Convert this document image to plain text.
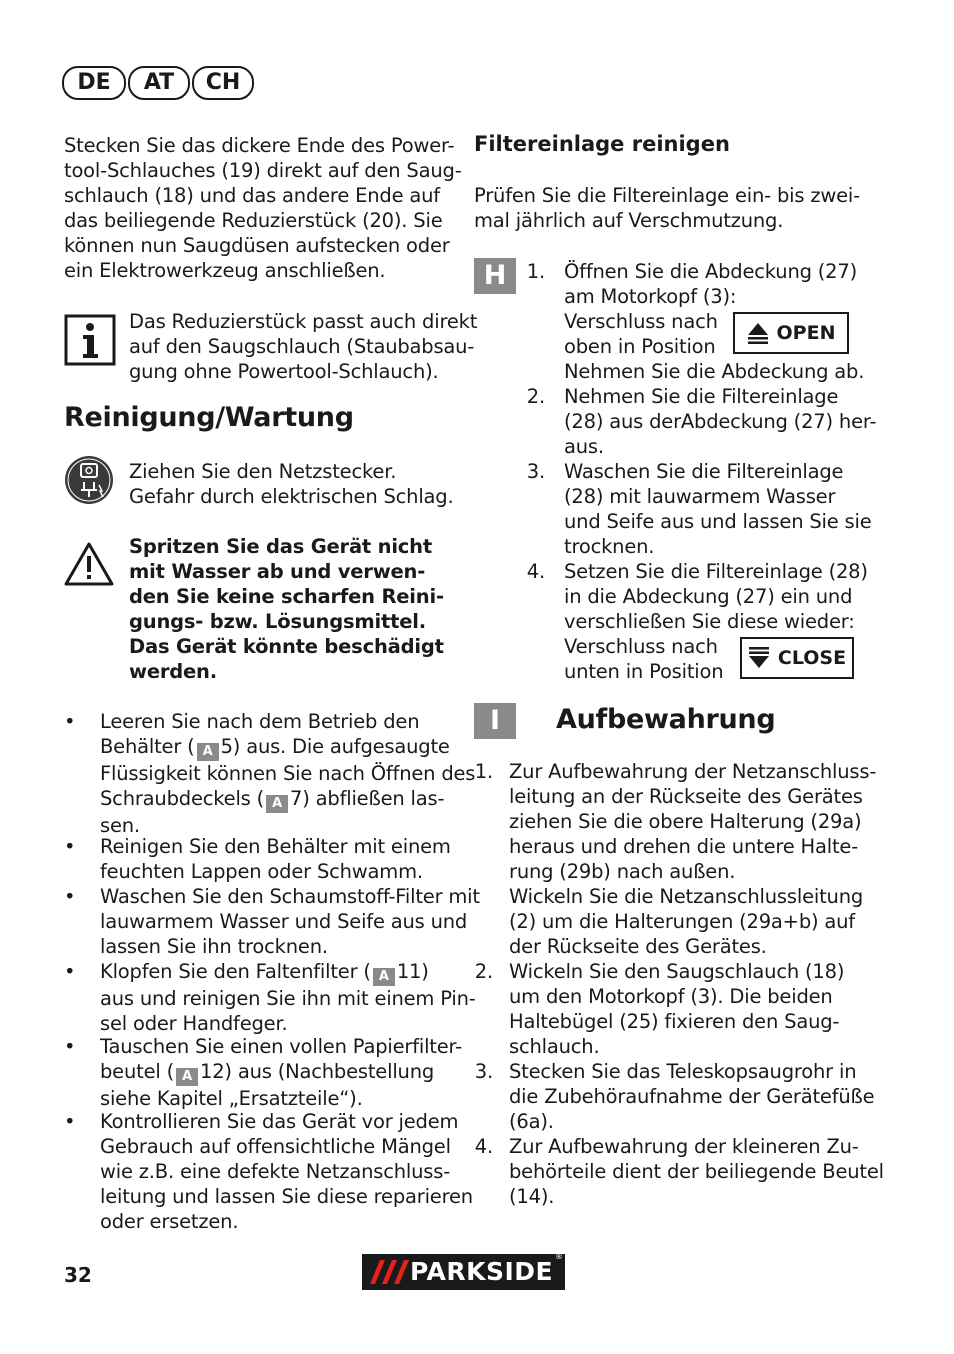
DE	AT	CH
Stecken Sie das dickere Ende des Power-
tool-Schlauches (19) direkt auf den Saug-
schlauch (18) und das andere Ende auf
das beiliegende Reduzierstück (20). Sie
können nun Saugdüsen aufstecken oder
ein Elektrowerkzeug anschließen.
Das Reduzierstück passt auch direkt
auf den Saugschlauch (Staubabsau-
gung ohne Powertool-Schlauch).
Reinigung/Wartung
Ziehen Sie den Netzstecker.
Gefahr durch elektrischen Schlag.
Spritzen Sie das Gerät nicht
mit Wasser ab und verwen-
den Sie keine scharfen Reini-
gungs- bzw. Lösungsmittel.
Das Gerät könnte beschädigt
werden.
• Leeren Sie nach dem Betrieb den
Behälter ( A 5) aus. Die aufgesaugte
Flüssigkeit können Sie nach Öffnen des
Schraubdeckels ( A 7) abfließen las-
sen.
• Reinigen Sie den Behälter mit einem
feuchten Lappen oder Schwamm.
• Waschen Sie den Schaumstoff-Filter mit
lauwarmem Wasser und Seife aus und
lassen Sie ihn trocknen.
• Klopfen Sie den Faltenfilter ( A 11)
aus und reinigen Sie ihn mit einem Pin-
sel oder Handfeger.
• Tauschen Sie einen vollen Papierfilter-
beutel ( A 12) aus (Nachbestellung
siehe Kapitel „Ersatzteile“).
• Kontrollieren Sie das Gerät vor jedem
Gebrauch auf offensichtliche Mängel
wie z.B. eine defekte Netzanschluss-
leitung und lassen Sie diese reparieren
oder ersetzen.
Filtereinlage reinigen
Prüfen Sie die Filtereinlage ein- bis zwei-
mal jährlich auf Verschmutzung.
H	1. Öffnen Sie die Abdeckung (27)
am Motorkopf (3):
Verschluss nach
oben in Position
Nehmen Sie die Abdeckung ab.
2. Nehmen Sie die Filtereinlage
(28) aus derAbdeckung (27) her-
aus.
3. Waschen Sie die Filtereinlage
(28) mit lauwarmem Wasser
und Seife aus und lassen Sie sie
trocknen.
4. Setzen Sie die Filtereinlage (28)
in die Abdeckung (27) ein und
verschließen Sie diese wieder:
Verschluss nach
unten in Position
OPEN
CLOSE
I	Aufbewahrung
1. Zur Aufbewahrung der Netzanschluss-
leitung an der Rückseite des Gerätes
ziehen Sie die obere Halterung (29a)
heraus und drehen die untere Halte-
rung (29b) nach außen.
Wickeln Sie die Netzanschlussleitung
(2) um die Halterungen (29a+b) auf
der Rückseite des Gerätes.
2. Wickeln Sie den Saugschlauch (18)
um den Motorkopf (3). Die beiden
Haltebügel (25) fixieren den Saug-
schlauch.
3. Stecken Sie das Teleskopsaugrohr in
die Zubehöraufnahme der Gerätefüße
(6a).
4. Zur Aufbewahrung der kleineren Zu-
behörteile dient der beiliegende Beutel
(14).
32	PARKSIDE
®
